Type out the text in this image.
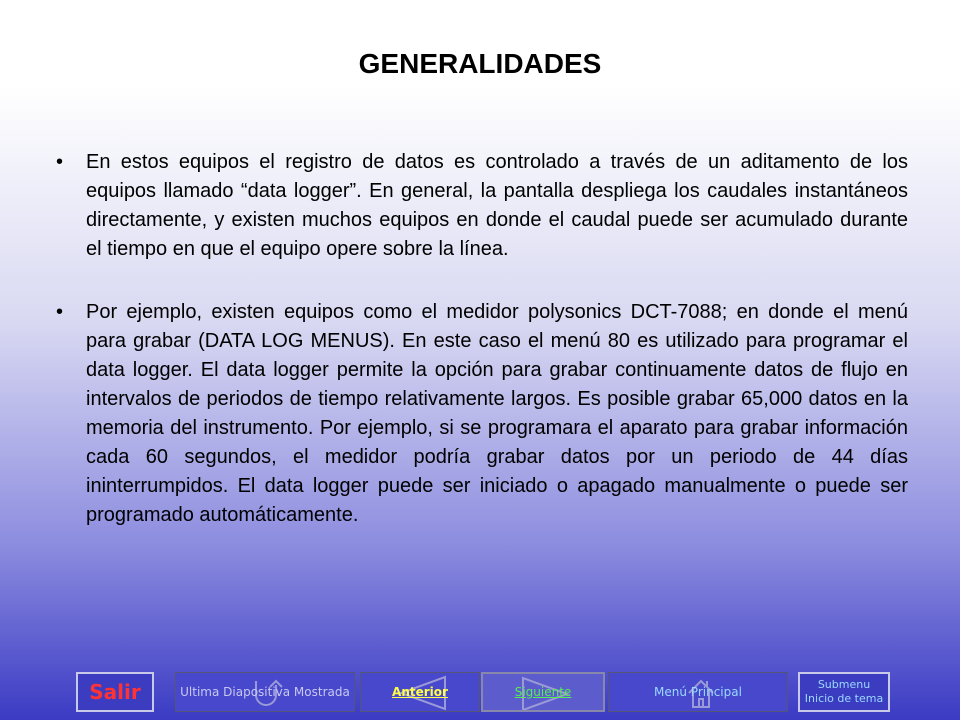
GENERALIDADES
•	En estos equipos el registro de datos es controlado a través de un aditamento de los equipos llamado “data logger”. En general, la pantalla despliega los caudales instantáneos directamente, y existen muchos equipos en donde el caudal puede ser acumulado durante el tiempo en que el equipo opere sobre la línea.
•	Por ejemplo, existen equipos como el medidor polysonics DCT-7088; en donde el menú para grabar (DATA LOG MENUS). En este caso el menú 80 es utilizado para programar el data logger. El data logger permite la opción para grabar continuamente datos de flujo en intervalos de periodos de tiempo relativamente largos. Es posible grabar 65,000 datos en la memoria del instrumento. Por ejemplo, si se programara el aparato para grabar información cada 60 segundos, el medidor podría grabar datos por un periodo de 44 días ininterrumpidos. El data logger puede ser iniciado o apagado manualmente o puede ser programado automáticamente.
Salir	Ultima Diapositiva Mostrada	Anterior	Siguiente	Menú Principal
Submenu
Inicio de tema
